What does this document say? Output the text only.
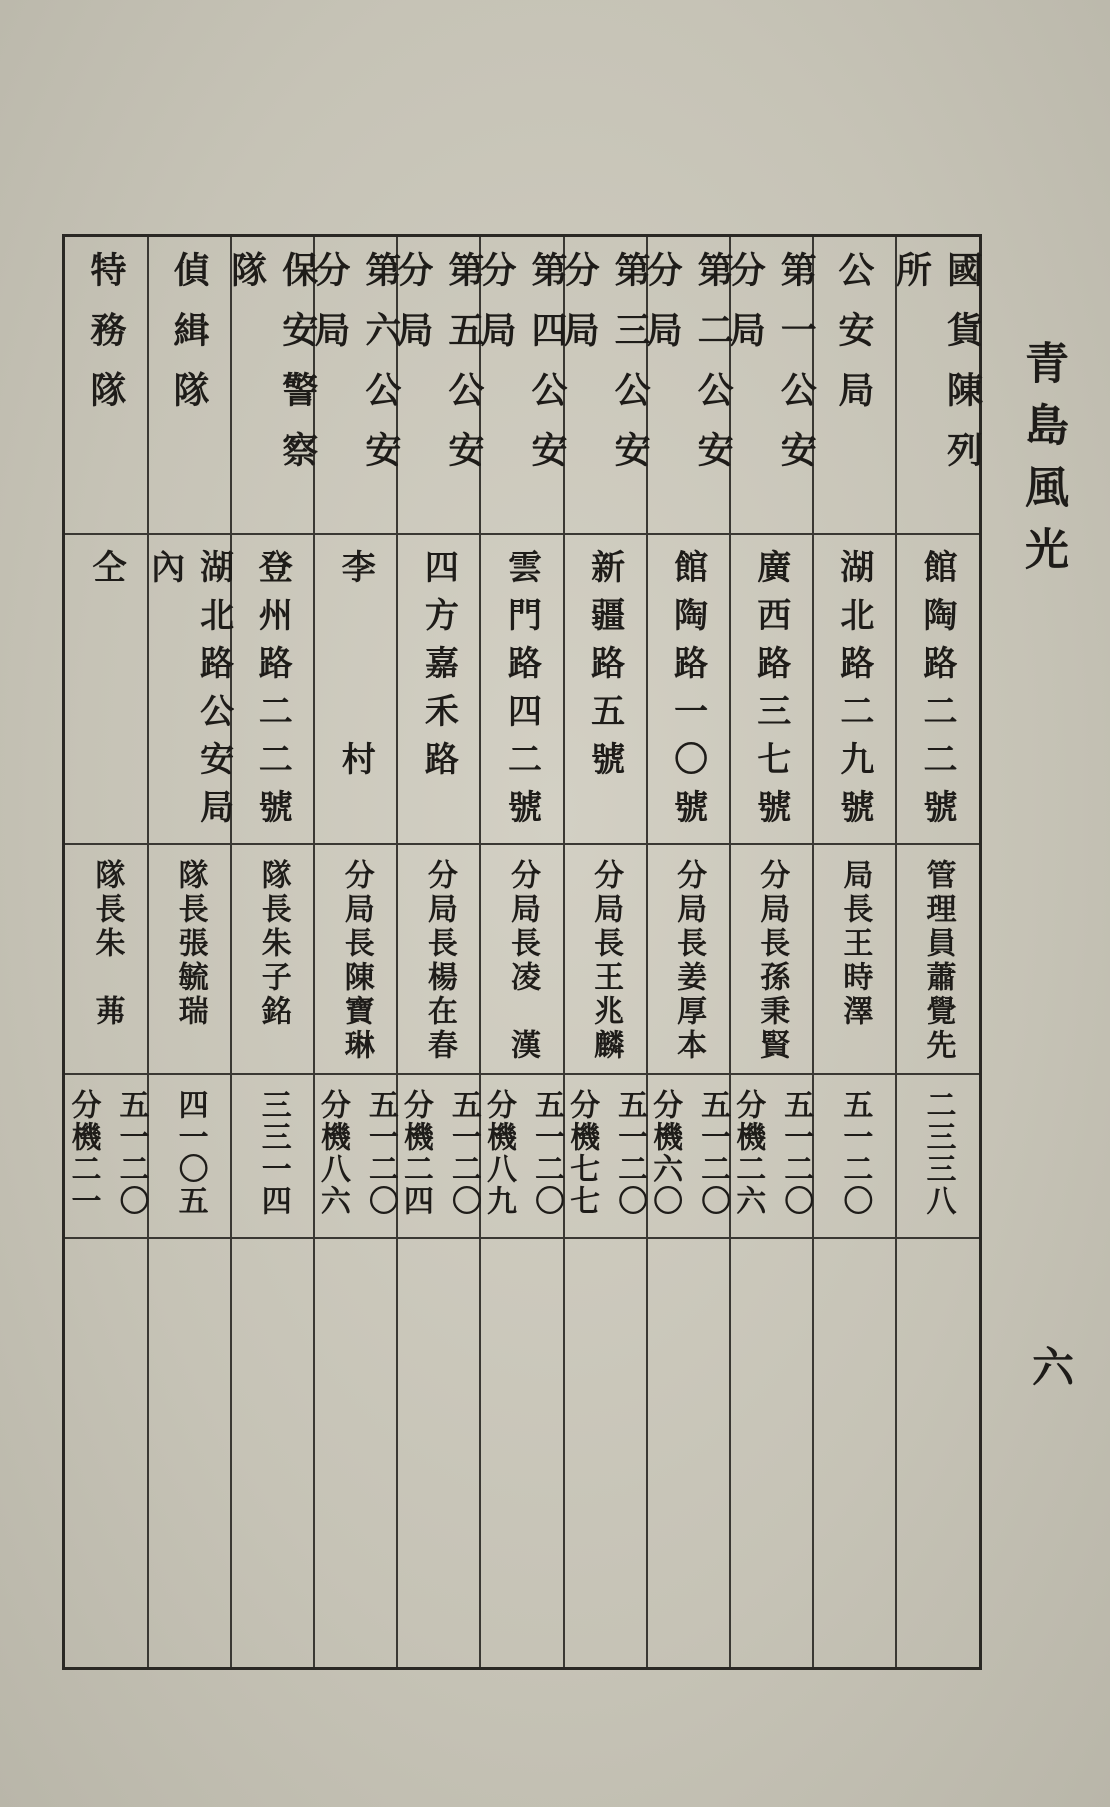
青島風光
六
國貨陳列所
館陶路二二號
管理員蕭覺先
二三三八
公安局
湖北路二九號
局長王時澤
五一二〇
第一公安分局
廣西路三七號
分局長孫秉賢
五一二〇
分機二六
第二公安分局
館陶路一〇號
分局長姜厚本
五一二〇
分機六〇
第三公安分局
新疆路五號
分局長王兆麟
五一二〇
分機七七
第四公安分局
雲門路四二號
分局長凌　漢
五一二〇
分機八九
第五公安分局
四方嘉禾路
分局長楊在春
五一二〇
分機二四
第六公安分局
李　　　村
分局長陳寶琳
五一二〇
分機八六
保安警察隊
登州路二二號
隊長朱子銘
三三一四
偵緝隊
湖北路公安局內
隊長張毓瑞
四一〇五
特務隊
仝
隊長朱　茀
五一二〇
分機二一
